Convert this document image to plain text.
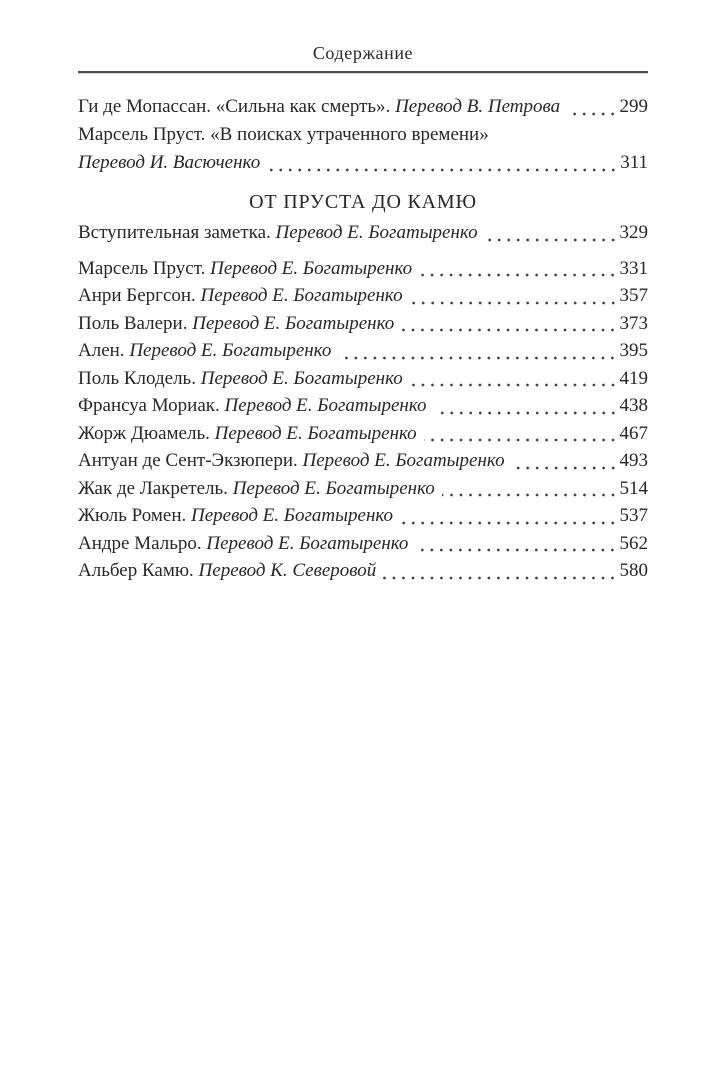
Содержание
Ги де Мопассан. «Сильна как смерть». Перевод В. Петрова	299
Марсель Пруст. «В поисках утраченного времени»
Перевод И. Васюченко	311
ОТ ПРУСТА ДО КАМЮ
Вступительная заметка. Перевод Е. Богатыренко	329
Марсель Пруст. Перевод Е. Богатыренко	331
Анри Бергсон. Перевод Е. Богатыренко	357
Поль Валери. Перевод Е. Богатыренко	373
Ален. Перевод Е. Богатыренко	395
Поль Клодель. Перевод Е. Богатыренко	419
Франсуа Мориак. Перевод Е. Богатыренко	438
Жорж Дюамель. Перевод Е. Богатыренко	467
Антуан де Сент-Экзюпери. Перевод Е. Богатыренко	493
Жак де Лакретель. Перевод Е. Богатыренко	514
Жюль Ромен. Перевод Е. Богатыренко	537
Андре Мальро. Перевод Е. Богатыренко	562
Альбер Камю. Перевод К. Северовой	580
